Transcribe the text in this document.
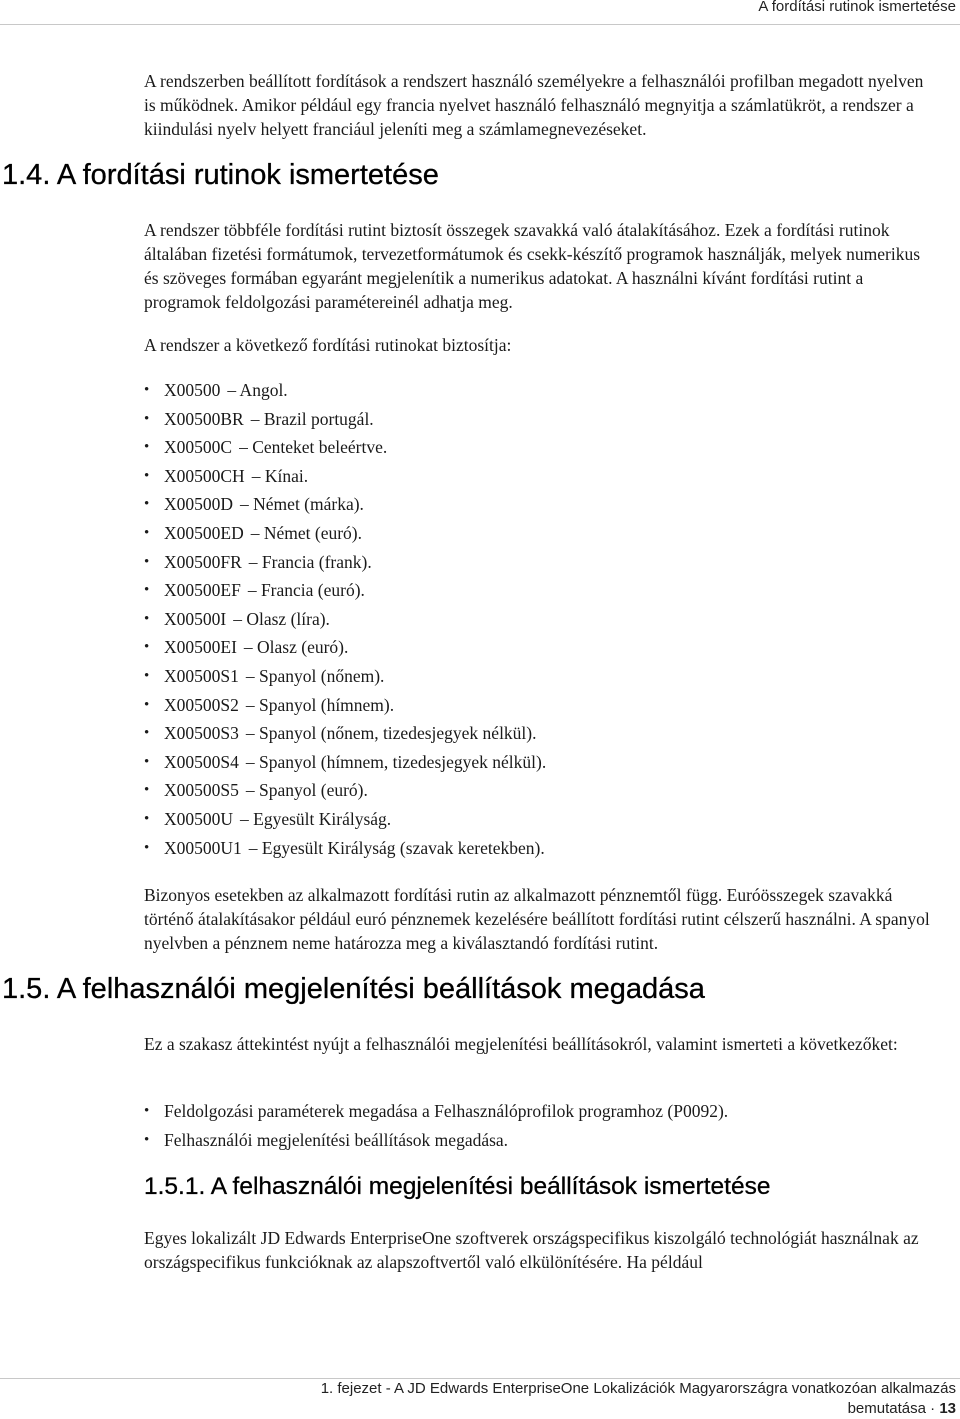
A fordítási rutinok ismertetése

A rendszerben beállított fordítások a rendszert használó személyekre a felhasználói profilban megadott nyelven is működnek. Amikor például egy francia nyelvet használó felhasználó megnyitja a számlatükröt, a rendszer a kiindulási nyelv helyett franciául jeleníti meg a számlamegnevezéseket.

1.4. A fordítási rutinok ismertetése

A rendszer többféle fordítási rutint biztosít összegek szavakká való átalakításához. Ezek a fordítási rutinok általában fizetési formátumok, tervezetformátumok és csekk-készítő programok használják, melyek numerikus és szöveges formában egyaránt megjelenítik a numerikus adatokat. A használni kívánt fordítási rutint a programok feldolgozási paramétereinél adhatja meg.

A rendszer a következő fordítási rutinokat biztosítja:

• X00500 – Angol.
• X00500BR – Brazil portugál.
• X00500C – Centeket beleértve.
• X00500CH – Kínai.
• X00500D – Német (márka).
• X00500ED – Német (euró).
• X00500FR – Francia (frank).
• X00500EF – Francia (euró).
• X00500I – Olasz (líra).
• X00500EI – Olasz (euró).
• X00500S1 – Spanyol (nőnem).
• X00500S2 – Spanyol (hímnem).
• X00500S3 – Spanyol (nőnem, tizedesjegyek nélkül).
• X00500S4 – Spanyol (hímnem, tizedesjegyek nélkül).
• X00500S5 – Spanyol (euró).
• X00500U – Egyesült Királyság.
• X00500U1 – Egyesült Királyság (szavak keretekben).

Bizonyos esetekben az alkalmazott fordítási rutin az alkalmazott pénznemtől függ. Euróösszegek szavakká történő átalakításakor például euró pénznemek kezelésére beállított fordítási rutint célszerű használni. A spanyol nyelvben a pénznem neme határozza meg a kiválasztandó fordítási rutint.

1.5. A felhasználói megjelenítési beállítások megadása

Ez a szakasz áttekintést nyújt a felhasználói megjelenítési beállításokról, valamint ismerteti a következőket:

• Feldolgozási paraméterek megadása a Felhasználóprofilok programhoz (P0092).
• Felhasználói megjelenítési beállítások megadása.
1.5.1. A felhasználói megjelenítési beállítások ismertetése

Egyes lokalizált JD Edwards EnterpriseOne szoftverek országspecifikus kiszolgáló technológiát használnak az országspecifikus funkcióknak az alapszoftvertől való elkülönítésére. Ha például

1. fejezet - A JD Edwards EnterpriseOne Lokalizációk Magyarországra vonatkozóan alkalmazás
bemutatása · 13
